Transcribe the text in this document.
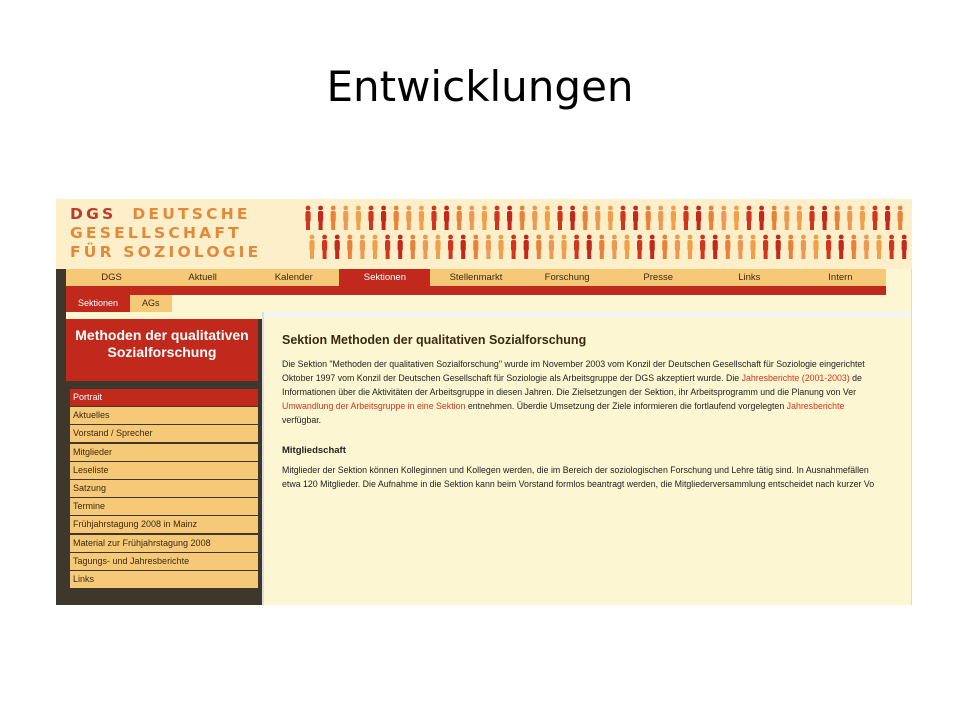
Entwicklungen
DGS DEUTSCHE
GESELLSCHAFT
FÜR SOZIOLOGIE
DGS	Aktuell	Kalender	Sektionen	Stellenmarkt	Forschung	Presse	Links	Intern
Sektionen	AGs
Methoden der qualitativen Sozialforschung
Portrait
Aktuelles
Vorstand / Sprecher
Mitglieder
Leseliste
Satzung
Termine
Frühjahrstagung 2008 in Mainz
Material zur Frühjahrstagung 2008
Tagungs- und Jahresberichte
Links
Sektion Methoden der qualitativen Sozialforschung

Die Sektion "Methoden der qualitativen Sozialforschung" wurde im November 2003 vom Konzil der Deutschen Gesellschaft für Soziologie eingerichtet

Oktober 1997 vom Konzil der Deutschen Gesellschaft für Soziologie als Arbeitsgruppe der DGS akzeptiert wurde. Die Jahresberichte (2001-2003) de

Informationen über die Aktivitäten der Arbeitsgruppe in diesen Jahren. Die Zielsetzungen der Sektion, ihr Arbeitsprogramm und die Planung von Ver

Umwandlung der Arbeitsgruppe in eine Sektion entnehmen. Überdie Umsetzung der Ziele informieren die fortlaufend vorgelegten Jahresberichte

verfügbar.

Mitgliedschaft

Mitglieder der Sektion können Kolleginnen und Kollegen werden, die im Bereich der soziologischen Forschung und Lehre tätig sind. In Ausnahmefällen

etwa 120 Mitglieder. Die Aufnahme in die Sektion kann beim Vorstand formlos beantragt werden, die Mitgliederversammlung entscheidet nach kurzer Vo
